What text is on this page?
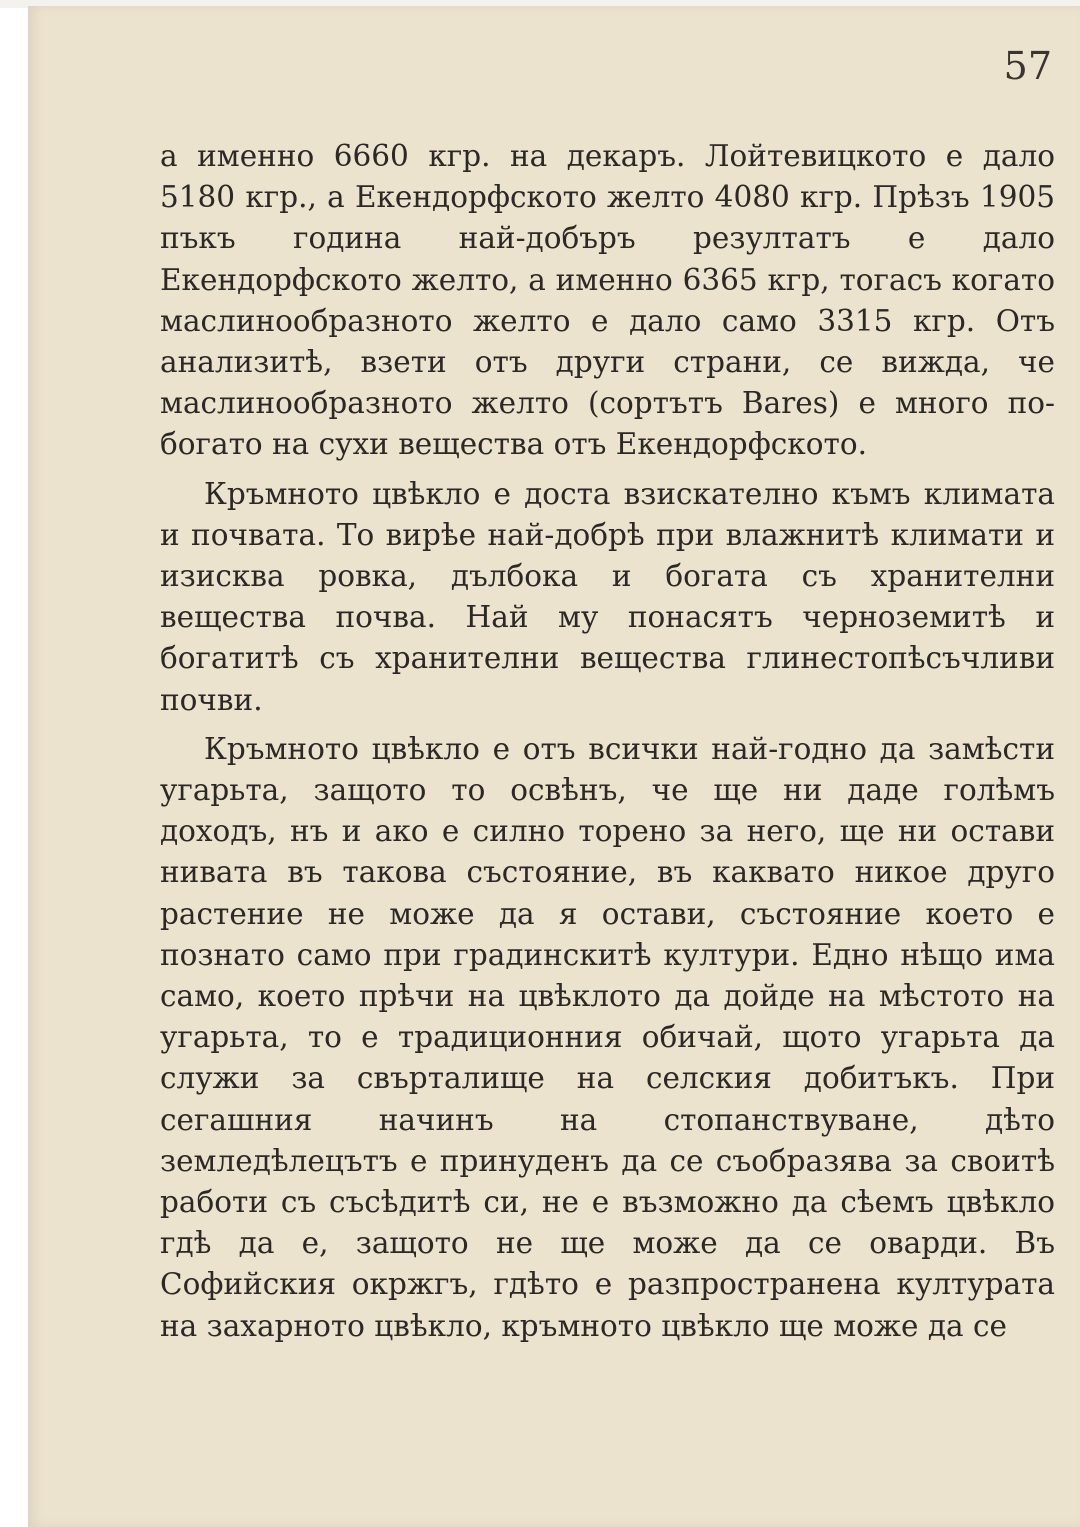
57

а именно 6660 кгр. на декаръ. Лойтевицкото е дало 5180 кгр., а Екендорфското желто 4080 кгр. Прѣзъ 1905 пъкъ година най-добъръ резултатъ е дало Екендорфското желто, а именно 6365 кгр, тогасъ когато маслинообразното желто е дало само 3315 кгр. Отъ анализитѣ, взети отъ други страни, се вижда, че маслинообразното желто (сортътъ Ваres) е много по-богато на сухи вещества отъ Екендорфското.

Кръмното цвѣкло е доста взискателно къмъ климата и почвата. То вирѣе най-добрѣ при влажнитѣ климати и изисква ровка, дълбока и богата съ хранителни вещества почва. Най му понасятъ черноземитѣ и богатитѣ съ хранителни вещества глинестопѣсъчливи почви.

Кръмното цвѣкло е отъ всички най-годно да замѣсти угарьта, защото то освѣнъ, че ще ни даде голѣмъ доходъ, нъ и ако е силно торено за него, ще ни остави нивата въ такова състояние, въ каквато никое друго растение не може да я остави, състояние което е познато само при градинскитѣ култури. Едно нѣщо има само, което прѣчи на цвѣклото да дойде на мѣстото на угарьта, то е традиционния обичай, щото угарьта да служи за свърталище на селския добитъкъ. При сегашния начинъ на стопанствуване, дѣто земледѣлецътъ е принуденъ да се съобразява за своитѣ работи съ съсѣдитѣ си, не е възможно да сѣемъ цвѣкло гдѣ да е, защото не ще може да се оварди. Въ Софийския окржгъ, гдѣто е разпространена културата на захарното цвѣкло, кръмното цвѣкло ще може да се
